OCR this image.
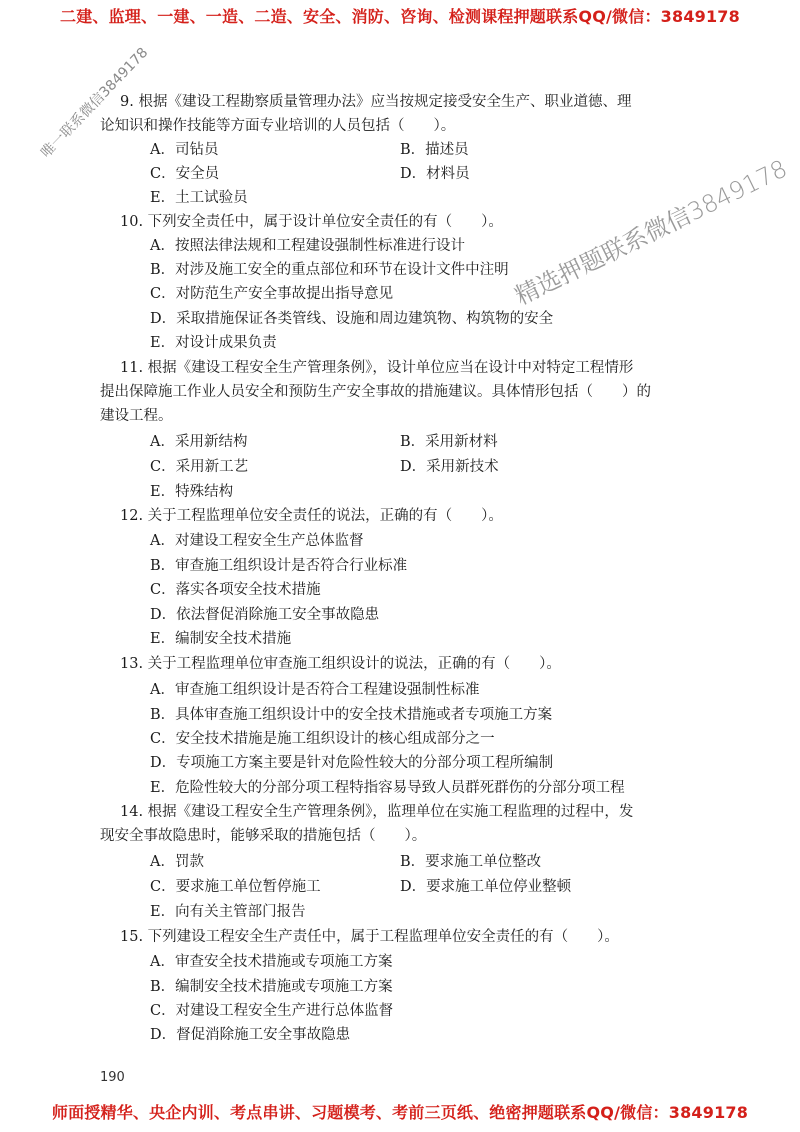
二建、监理、一建、一造、二造、安全、消防、咨询、检测课程押题联系QQ/微信：3849178
9. 根据《建设工程勘察质量管理办法》应当按规定接受安全生产、职业道德、理
论知识和操作技能等方面专业培训的人员包括（　　）。
A．司钻员	B．描述员
C．安全员	D．材料员
E．土工试验员
10. 下列安全责任中，属于设计单位安全责任的有（　　）。
A．按照法律法规和工程建设强制性标准进行设计
B．对涉及施工安全的重点部位和环节在设计文件中注明
C．对防范生产安全事故提出指导意见
D．采取措施保证各类管线、设施和周边建筑物、构筑物的安全
E．对设计成果负责
11. 根据《建设工程安全生产管理条例》，设计单位应当在设计中对特定工程情形
提出保障施工作业人员安全和预防生产安全事故的措施建议。具体情形包括（　　）的
建设工程。
A．采用新结构	B．采用新材料
C．采用新工艺	D．采用新技术
E．特殊结构
12. 关于工程监理单位安全责任的说法，正确的有（　　）。
A．对建设工程安全生产总体监督
B．审查施工组织设计是否符合行业标准
C．落实各项安全技术措施
D．依法督促消除施工安全事故隐患
E．编制安全技术措施
13. 关于工程监理单位审查施工组织设计的说法，正确的有（　　）。
A．审查施工组织设计是否符合工程建设强制性标准
B．具体审查施工组织设计中的安全技术措施或者专项施工方案
C．安全技术措施是施工组织设计的核心组成部分之一
D．专项施工方案主要是针对危险性较大的分部分项工程所编制
E．危险性较大的分部分项工程特指容易导致人员群死群伤的分部分项工程
14. 根据《建设工程安全生产管理条例》，监理单位在实施工程监理的过程中，发
现安全事故隐患时，能够采取的措施包括（　　）。
A．罚款	B．要求施工单位整改
C．要求施工单位暂停施工	D．要求施工单位停业整顿
E．向有关主管部门报告
15. 下列建设工程安全生产责任中，属于工程监理单位安全责任的有（　　）。
A．审查安全技术措施或专项施工方案
B．编制安全技术措施或专项施工方案
C．对建设工程安全生产进行总体监督
D．督促消除施工安全事故隐患
190
唯一联系微信3849178
精选押题联系微信3849178
师面授精华、央企内训、考点串讲、习题模考、考前三页纸、绝密押题联系QQ/微信：3849178
